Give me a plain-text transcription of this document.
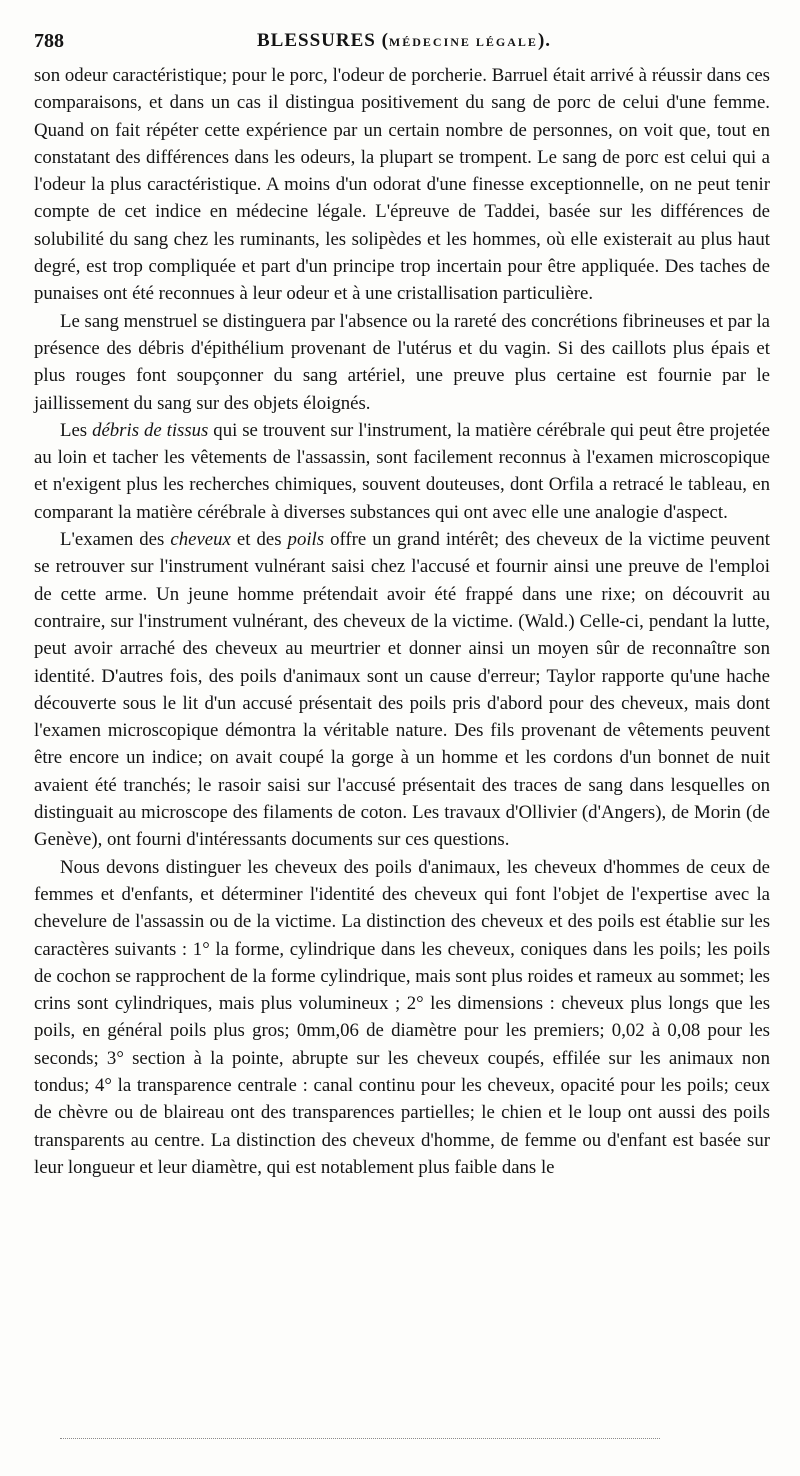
788	BLESSURES (MÉDECINE LÉGALE).

son odeur caractéristique; pour le porc, l'odeur de porcherie. Barruel était arrivé à réussir dans ces comparaisons, et dans un cas il distingua positivement du sang de porc de celui d'une femme. Quand on fait répéter cette expérience par un certain nombre de personnes, on voit que, tout en constatant des différences dans les odeurs, la plupart se trompent. Le sang de porc est celui qui a l'odeur la plus caractéristique. A moins d'un odorat d'une finesse exceptionnelle, on ne peut tenir compte de cet indice en médecine légale. L'épreuve de Taddei, basée sur les différences de solubilité du sang chez les ruminants, les solipèdes et les hommes, où elle existerait au plus haut degré, est trop compliquée et part d'un principe trop incertain pour être appliquée. Des taches de punaises ont été reconnues à leur odeur et à une cristallisation particulière.

Le sang menstruel se distinguera par l'absence ou la rareté des concrétions fibrineuses et par la présence des débris d'épithélium provenant de l'utérus et du vagin. Si des caillots plus épais et plus rouges font soupçonner du sang artériel, une preuve plus certaine est fournie par le jaillissement du sang sur des objets éloignés.

Les débris de tissus qui se trouvent sur l'instrument, la matière cérébrale qui peut être projetée au loin et tacher les vêtements de l'assassin, sont facilement reconnus à l'examen microscopique et n'exigent plus les recherches chimiques, souvent douteuses, dont Orfila a retracé le tableau, en comparant la matière cérébrale à diverses substances qui ont avec elle une analogie d'aspect.

L'examen des cheveux et des poils offre un grand intérêt; des cheveux de la victime peuvent se retrouver sur l'instrument vulnérant saisi chez l'accusé et fournir ainsi une preuve de l'emploi de cette arme. Un jeune homme prétendait avoir été frappé dans une rixe; on découvrit au contraire, sur l'instrument vulnérant, des cheveux de la victime. (Wald.) Celle-ci, pendant la lutte, peut avoir arraché des cheveux au meurtrier et donner ainsi un moyen sûr de reconnaître son identité. D'autres fois, des poils d'animaux sont un cause d'erreur; Taylor rapporte qu'une hache découverte sous le lit d'un accusé présentait des poils pris d'abord pour des cheveux, mais dont l'examen microscopique démontra la véritable nature. Des fils provenant de vêtements peuvent être encore un indice; on avait coupé la gorge à un homme et les cordons d'un bonnet de nuit avaient été tranchés; le rasoir saisi sur l'accusé présentait des traces de sang dans lesquelles on distinguait au microscope des filaments de coton. Les travaux d'Ollivier (d'Angers), de Morin (de Genève), ont fourni d'intéressants documents sur ces questions.

Nous devons distinguer les cheveux des poils d'animaux, les cheveux d'hommes de ceux de femmes et d'enfants, et déterminer l'identité des cheveux qui font l'objet de l'expertise avec la chevelure de l'assassin ou de la victime. La distinction des cheveux et des poils est établie sur les caractères suivants : 1° la forme, cylindrique dans les cheveux, coniques dans les poils; les poils de cochon se rapprochent de la forme cylindrique, mais sont plus roides et rameux au sommet; les crins sont cylindriques, mais plus volumineux ; 2° les dimensions : cheveux plus longs que les poils, en général poils plus gros; 0mm,06 de diamètre pour les premiers; 0,02 à 0,08 pour les seconds; 3° section à la pointe, abrupte sur les cheveux coupés, effilée sur les animaux non tondus; 4° la transparence centrale : canal continu pour les cheveux, opacité pour les poils; ceux de chèvre ou de blaireau ont des transparences partielles; le chien et le loup ont aussi des poils transparents au centre. La distinction des cheveux d'homme, de femme ou d'enfant est basée sur leur longueur et leur diamètre, qui est notablement plus faible dans le
